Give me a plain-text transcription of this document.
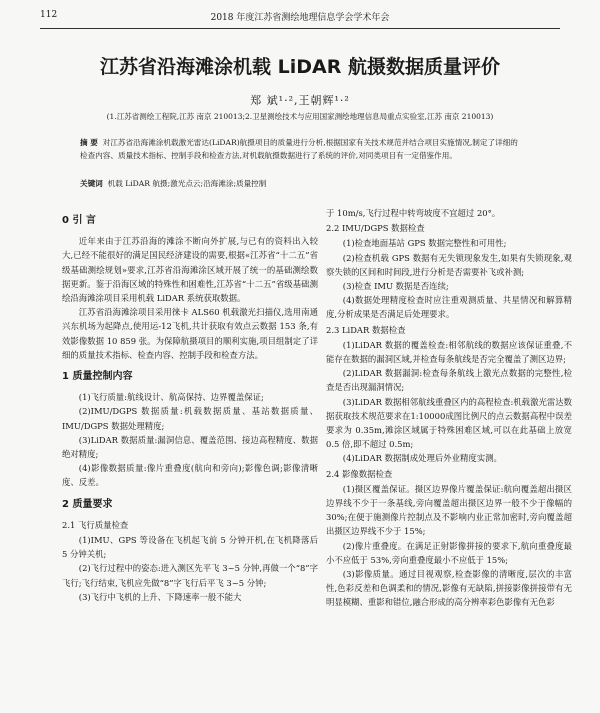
112	2018 年度江苏省测绘地理信息学会学术年会
江苏省沿海滩涂机载 LiDAR 航摄数据质量评价
郑 斌¹·²,王朝辉¹·²
(1.江苏省测绘工程院,江苏 南京 210013;2.卫星测绘技术与应用国家测绘地理信息局重点实验室,江苏 南京 210013)
摘 要 对江苏省沿海滩涂机载激光雷达(LiDAR)航摄项目的质量进行分析,根据国家有关技术规范并结合项目实施情况,制定了详细的检查内容、质量技术指标、控制手段和检查方法,对机载航摄数据进行了系统的评价,对同类项目有一定借鉴作用。
关键词 机载 LiDAR 航摄;激光点云;沿海滩涂;质量控制
0 引 言

近年来由于江苏沿海的滩涂不断向外扩展,与已有的资料出入较大,已经不能很好的满足国民经济建设的需要,根据«江苏省“十二五”省级基础测绘规划»要求,江苏省沿海滩涂区域开展了统一的基础测绘数据更新。鉴于沿海区域的特殊性和困难性,江苏省“十二五”省级基础测绘沿海滩涂项目采用机载 LiDAR 系统获取数据。

江苏省沿海滩涂项目采用徕卡 ALS60 机载激光扫描仪,选用南通兴东机场为起降点,使用运-12飞机,共计获取有效点云数据 153 条,有效影像数据 10 859 张。为保障航摄项目的顺利实施,项目组制定了详细的质量技术指标、检查内容、控制手段和检查方法。

1 质量控制内容

(1)飞行质量:航线设计、航高保持、边界覆盖保证;

(2)IMU/DGPS 数据质量:机载数据质量、基站数据质量、IMU/DGPS 数据处理精度;

(3)LiDAR 数据质量:漏洞信息、覆盖范围、接边高程精度、数据绝对精度;

(4)影像数据质量:像片重叠度(航向和旁向);影像色调;影像清晰度、反差。

2 质量要求
2.1 飞行质量检查

(1)IMU、GPS 等设备在飞机起飞前 5 分钟开机,在飞机降落后 5 分钟关机;

(2)飞行过程中的姿态:进入测区先平飞 3~5 分钟,再做一个“8”字飞行;飞行结束,飞机应先做“8”字飞行后平飞 3~5 分钟;

(3)飞行中飞机的上升、下降速率一般不能大

于 10m/s,飞行过程中转弯坡度不宜超过 20°。

2.2 IMU/DGPS 数据检查

(1)检查地面基站 GPS 数据完整性和可用性;

(2)检查机载 GPS 数据有无失锁现象发生,如果有失锁现象,观察失锁的区间和时间段,进行分析是否需要补飞或补测;

(3)检查 IMU 数据是否连续;

(4)数据处理精度检查时应注重观测质量、共星情况和解算精度,分析成果是否满足后处理要求。

2.3 LiDAR 数据检查

(1)LiDAR 数据的覆盖检查:相邻航线的数据应该保证重叠,不能存在数据的漏洞区域,并检查每条航线是否完全覆盖了测区边界;

(2)LiDAR 数据漏洞:检查每条航线上激光点数据的完整性,检查是否出现漏洞情况;

(3)LiDAR 数据相邻航线重叠区内的高程检查:机载激光雷达数据获取技术规范要求在1:10000成图比例尺的点云数据高程中误差要求为 0.35m,滩涂区域属于特殊困难区域,可以在此基础上放宽 0.5 倍,即不超过 0.5m;

(4)LiDAR 数据制成处理后外业精度实测。

2.4 影像数据检查

(1)摄区覆盖保证。摄区边界像片覆盖保证:航向覆盖超出摄区边界线不少于一条基线,旁向覆盖超出摄区边界一般不少于像幅的 30%;在便于施测像片控制点及不影响内业正常加密时,旁向覆盖超出摄区边界线不少于 15%;

(2)像片重叠度。在满足正射影像拼接的要求下,航向重叠度最小不应低于 53%,旁向重叠度最小不应低于 15%;

(3)影像质量。通过目视观察,检查影像的清晰度,层次的丰富性,色彩反差和色调柔和的情况,影像有无缺陷,拼接影像拼接带有无明显模糊、重影和错位,融合形成的高分辨率彩色影像有无色彩
